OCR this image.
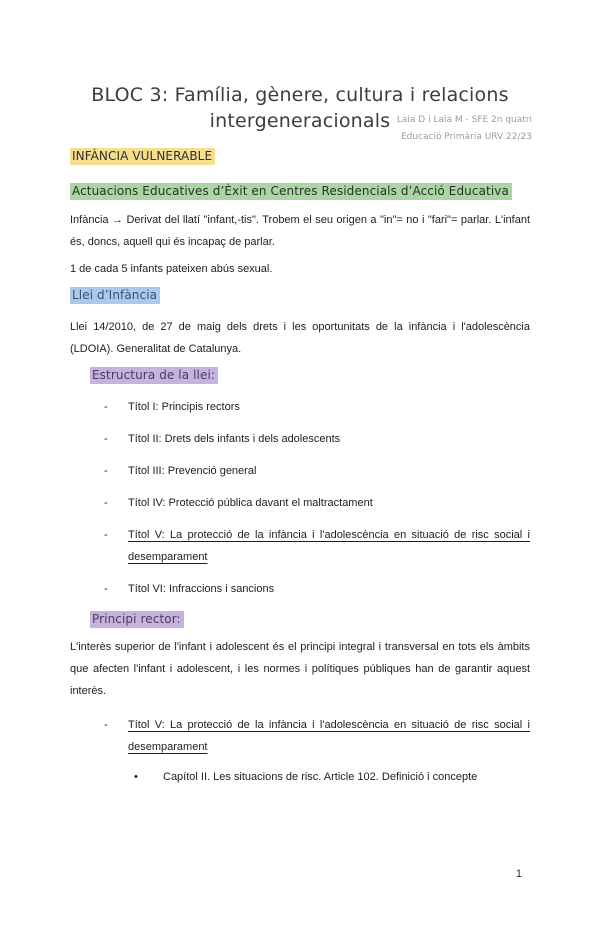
Laia D i Laia M - SFE 2n quatri
Educació Primària URV 22/23
BLOC 3: Família, gènere, cultura i relacions
intergeneracionals
INFÀNCIA VULNERABLE
Actuacions Educatives d’Èxit en Centres Residencials d’Acció Educativa

Infància → Derivat del llatí "infant,-tis". Trobem el seu origen a "in"= no i "fari"= parlar. L'infant és, doncs, aquell qui és incapaç de parlar.

1 de cada 5 infants pateixen abús sexual.

Llei d’Infància

Llei 14/2010, de 27 de maig dels drets i les oportunitats de la infància i l'adolescència (LDOIA). Generalitat de Catalunya.

Estructura de la llei:
- Títol I: Principis rectors
- Títol II: Drets dels infants i dels adolescents
- Títol III: Prevenció general
- Títol IV: Protecció pública davant el maltractament
- Títol V: La protecció de la infància i l'adolescència en situació de risc social i desemparament
- Títol VI: Infraccions i sancions
Principi rector:

L'interès superior de l'infant i adolescent és el principi integral i transversal en tots els àmbits que afecten l'infant i adolescent, i les normes i polítiques públiques han de garantir aquest interès.

- Títol V: La protecció de la infància i l'adolescència en situació de risc social i desemparament
• Capítol II. Les situacions de risc. Article 102. Definició i concepte
1
